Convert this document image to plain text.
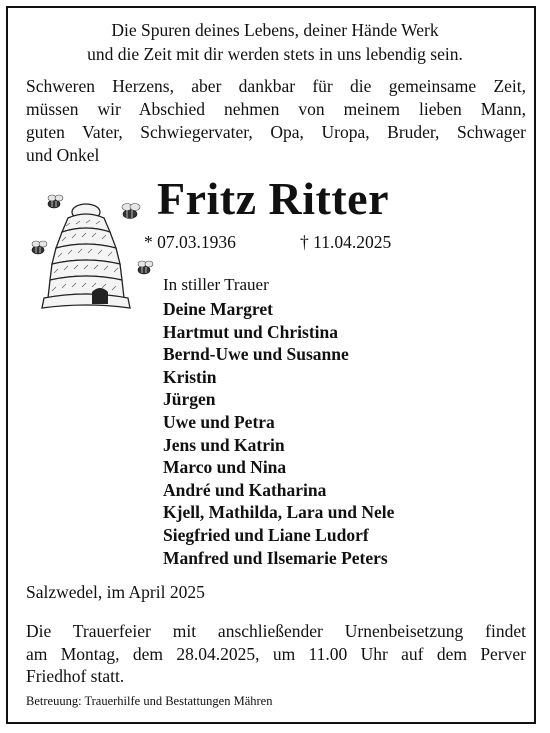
Die Spuren deines Lebens, deiner Hände Werk
und die Zeit mit dir werden stets in uns lebendig sein.
Schweren Herzens, aber dankbar für die gemeinsame Zeit,
müssen wir Abschied nehmen von meinem lieben Mann,
guten Vater, Schwiegervater, Opa, Uropa, Bruder, Schwager
und Onkel
Fritz Ritter
* 07.03.1936	† 11.04.2025
In stiller Trauer
Deine Margret
Hartmut und Christina
Bernd-Uwe und Susanne
Kristin
Jürgen
Uwe und Petra
Jens und Katrin
Marco und Nina
André und Katharina
Kjell, Mathilda, Lara und Nele
Siegfried und Liane Ludorf
Manfred und Ilsemarie Peters
Salzwedel, im April 2025
Die Trauerfeier mit anschließender Urnenbeisetzung findet
am Montag, dem 28.04.2025, um 11.00 Uhr auf dem Perver
Friedhof statt.
Betreuung: Trauerhilfe und Bestattungen Mähren
